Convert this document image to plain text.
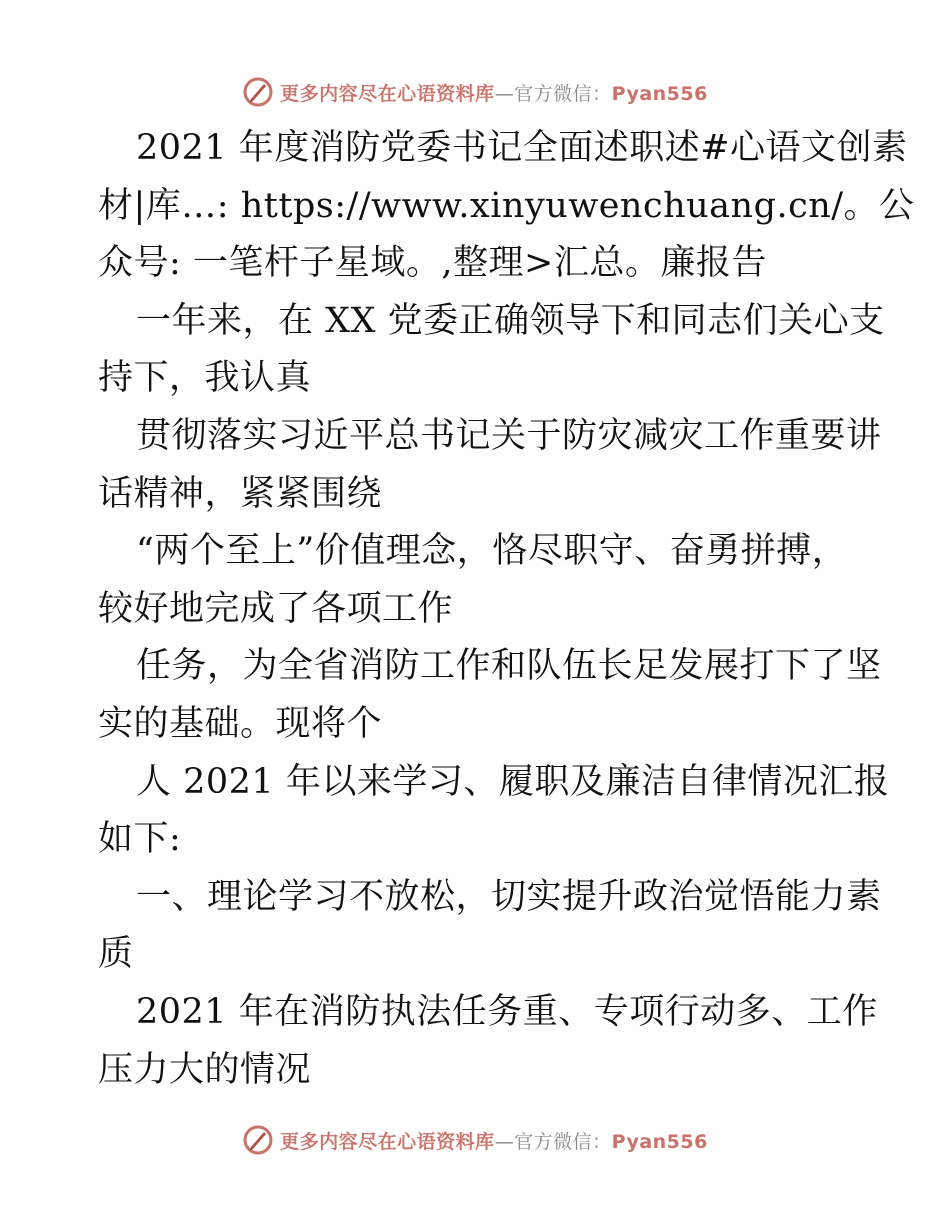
更多内容尽在心语资料库—官方微信：Pyan556

2021 年度消防党委书记全面述职述#心语文创素

材|库…: https://www.xinyuwenchuang.cn/。公

众号: 一笔杆子星域。,整理>汇总。廉报告

一年来，在 XX 党委正确领导下和同志们关心支

持下，我认真

贯彻落实习近平总书记关于防灾减灾工作重要讲

话精神，紧紧围绕

“两个至上”价值理念，恪尽职守、奋勇拼搏，

较好地完成了各项工作

任务，为全省消防工作和队伍长足发展打下了坚

实的基础。现将个

人 2021 年以来学习、履职及廉洁自律情况汇报

如下:

一、理论学习不放松，切实提升政治觉悟能力素

质

2021 年在消防执法任务重、专项行动多、工作

压力大的情况

更多内容尽在心语资料库—官方微信：Pyan556
